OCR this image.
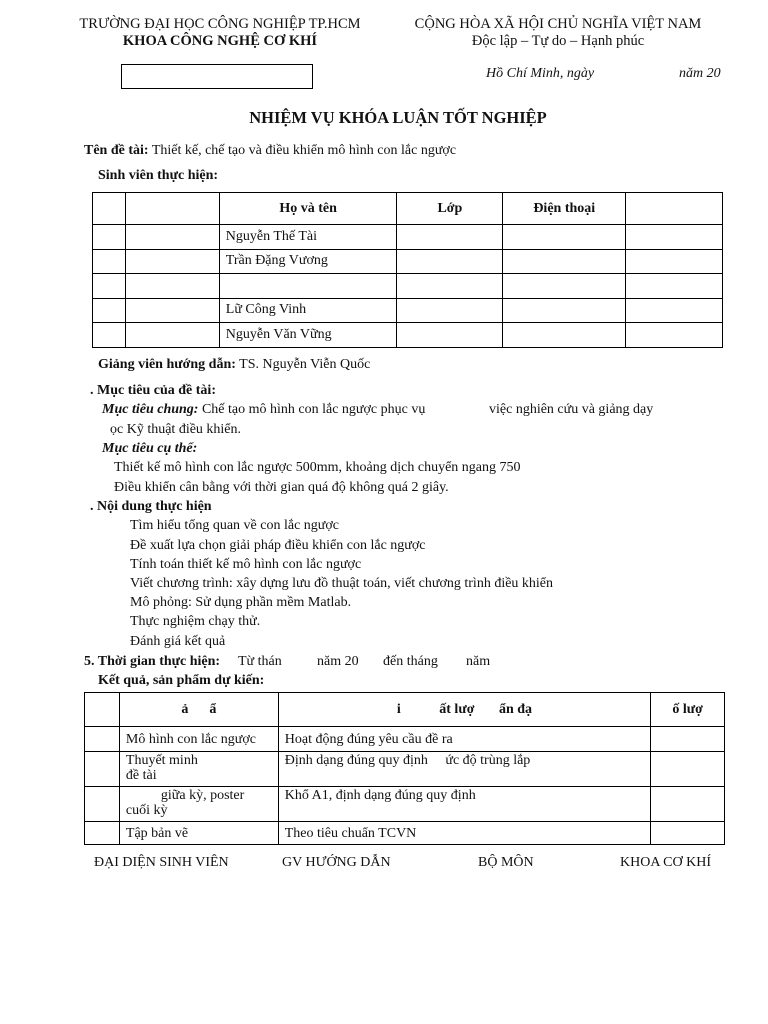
TRƯỜNG ĐẠI HỌC CÔNG NGHIỆP TP.HCM
KHOA CÔNG NGHỆ CƠ KHÍ
CỘNG HÒA XÃ HỘI CHỦ NGHĨA VIỆT NAM
Độc lập – Tự do – Hạnh phúc
Hồ Chí Minh, ngày	năm 20
NHIỆM VỤ KHÓA LUẬN TỐT NGHIỆP
Tên đề tài: Thiết kế, chế tạo và điều khiển mô hình con lắc ngược
Sinh viên thực hiện:
		Họ và tên	Lớp	Điện thoại	
		Nguyễn Thế Tài			
		Trần Đặng Vương			

		Lữ Công Vinh			
		Nguyễn Văn Vững			
Giảng viên hướng dẫn: TS. Nguyễn Viễn Quốc
. Mục tiêu của đề tài:
Mục tiêu chung: Chế tạo mô hình con lắc ngược phục vụ	việc nghiên cứu và giảng dạy
ọc Kỹ thuật điều khiển.
Mục tiêu cụ thể:
Thiết kế mô hình con lắc ngược 500mm, khoảng dịch chuyển ngang 750
Điều khiển cân bằng với thời gian quá độ không quá 2 giây.
. Nội dung thực hiện
Tìm hiểu tổng quan về con lắc ngược
Đề xuất lựa chọn giải pháp điều khiển con lắc ngược
Tính toán thiết kế mô hình con lắc ngược
Viết chương trình: xây dựng lưu đồ thuật toán, viết chương trình điều khiển
Mô phỏng: Sử dụng phần mềm Matlab.
Thực nghiệm chạy thử.
Đánh giá kết quả
5. Thời gian thực hiện: Từ thán	năm 20 đến tháng năm
Kết quả, sản phẩm dự kiến:
	ả      ẩ	i           ất lượ       ẩn đạ	ố lượ
	Mô hình con lắc ngược	Hoạt động đúng yêu cầu đề ra	
	Thuyết minh
đề tài	Định dạng đúng quy định     ức độ trùng lắp	
	giữa kỳ, poster
cuối kỳ	Khổ A1, định dạng đúng quy định	
	Tập bản vẽ	Theo tiêu chuẩn TCVN	
ĐẠI DIỆN SINH VIÊN	GV HƯỚNG DẪN	BỘ MÔN	KHOA CƠ KHÍ
